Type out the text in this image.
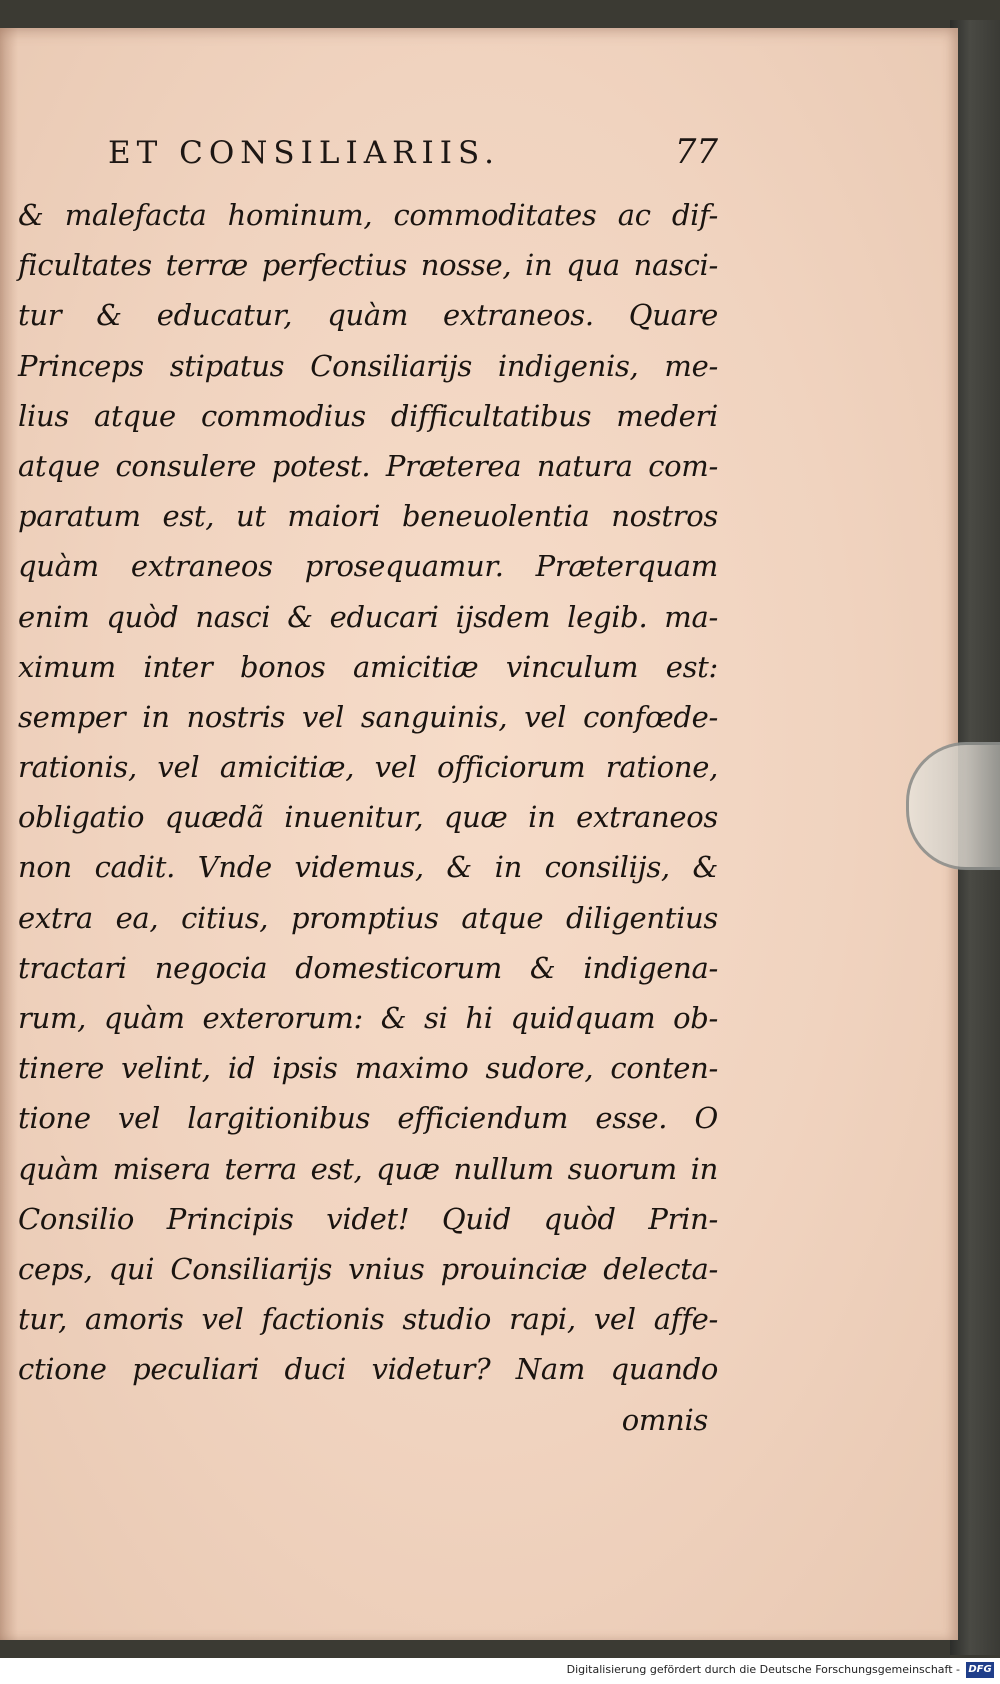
ET CONSILIARIIS.	77
& malefacta hominum, commoditates ac dif-
ficultates terræ perfectius nosse, in qua nasci-
tur & educatur, quàm extraneos. Quare
Princeps stipatus Consiliarijs indigenis, me-
lius atque commodius difficultatibus mederi
atque consulere potest. Præterea natura com-
paratum est, ut maiori beneuolentia nostros
quàm extraneos prosequamur. Præterquam
enim quòd nasci & educari ijsdem legib. ma-
ximum inter bonos amicitiæ vinculum est:
semper in nostris vel sanguinis, vel confœde-
rationis, vel amicitiæ, vel officiorum ratione,
obligatio quædã inuenitur, quæ in extraneos
non cadit. Vnde videmus, & in consilijs, &
extra ea, citius, promptius atque diligentius
tractari negocia domesticorum & indigena-
rum, quàm exterorum: & si hi quidquam ob-
tinere velint, id ipsis maximo sudore, conten-
tione vel largitionibus efficiendum esse. O
quàm misera terra est, quæ nullum suorum in
Consilio Principis videt! Quid quòd Prin-
ceps, qui Consiliarijs vnius prouinciæ delecta-
tur, amoris vel factionis studio rapi, vel affe-
ctione peculiari duci videtur? Nam quando
omnis
Digitalisierung gefördert durch die Deutsche Forschungsgemeinschaft - DFG
